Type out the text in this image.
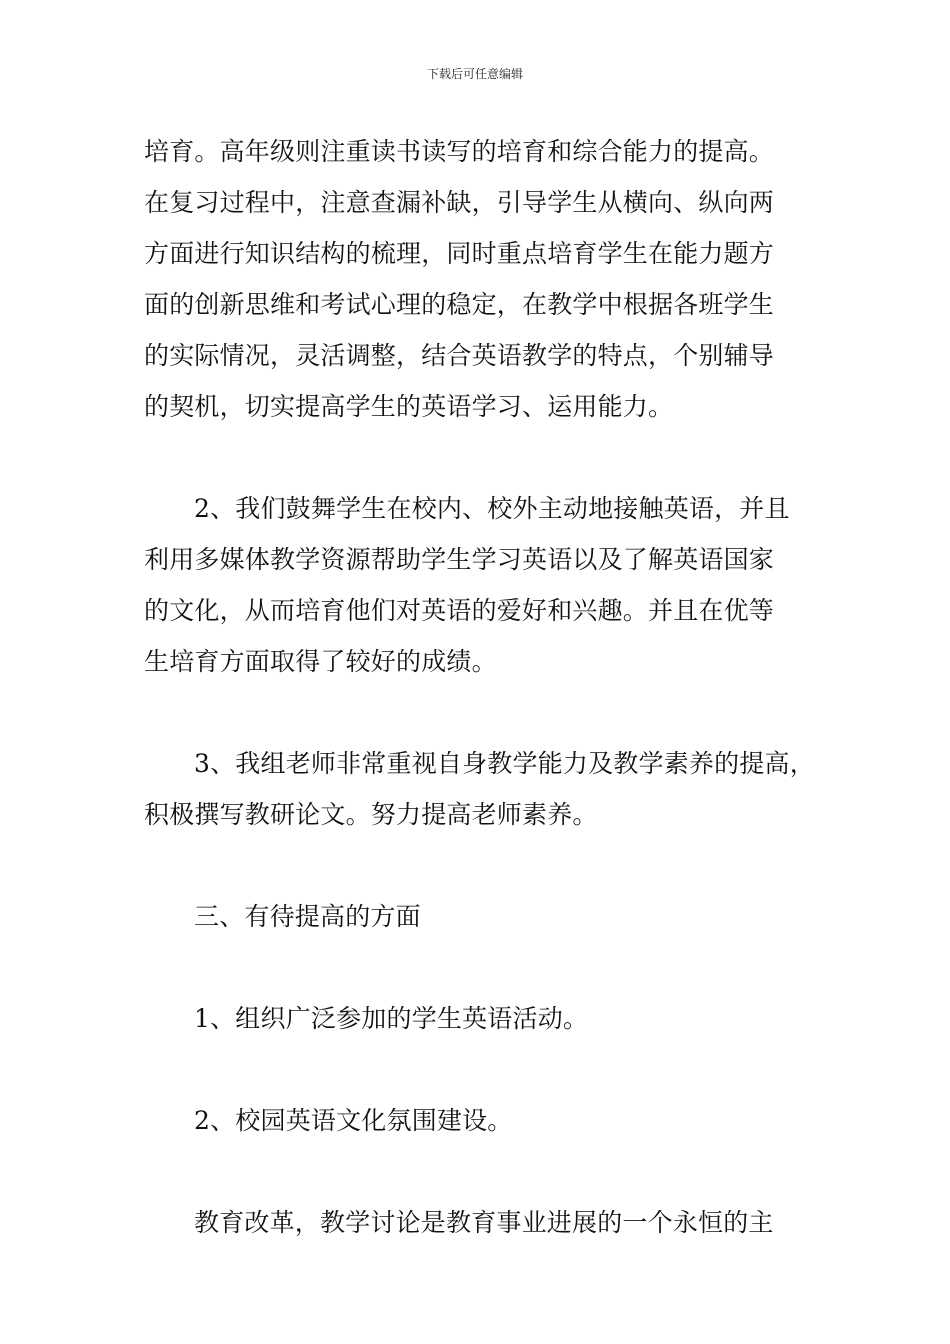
下载后可任意编辑
培育。高年级则注重读书读写的培育和综合能力的提高。
在复习过程中，注意查漏补缺，引导学生从横向、纵向两
方面进行知识结构的梳理，同时重点培育学生在能力题方
面的创新思维和考试心理的稳定，在教学中根据各班学生
的实际情况，灵活调整，结合英语教学的特点，个别辅导
的契机，切实提高学生的英语学习、运用能力。
2、我们鼓舞学生在校内、校外主动地接触英语，并且
利用多媒体教学资源帮助学生学习英语以及了解英语国家
的文化，从而培育他们对英语的爱好和兴趣。并且在优等
生培育方面取得了较好的成绩。
3、我组老师非常重视自身教学能力及教学素养的提高，
积极撰写教研论文。努力提高老师素养。
三、有待提高的方面
1、组织广泛参加的学生英语活动。
2、校园英语文化氛围建设。
教育改革，教学讨论是教育事业进展的一个永恒的主
